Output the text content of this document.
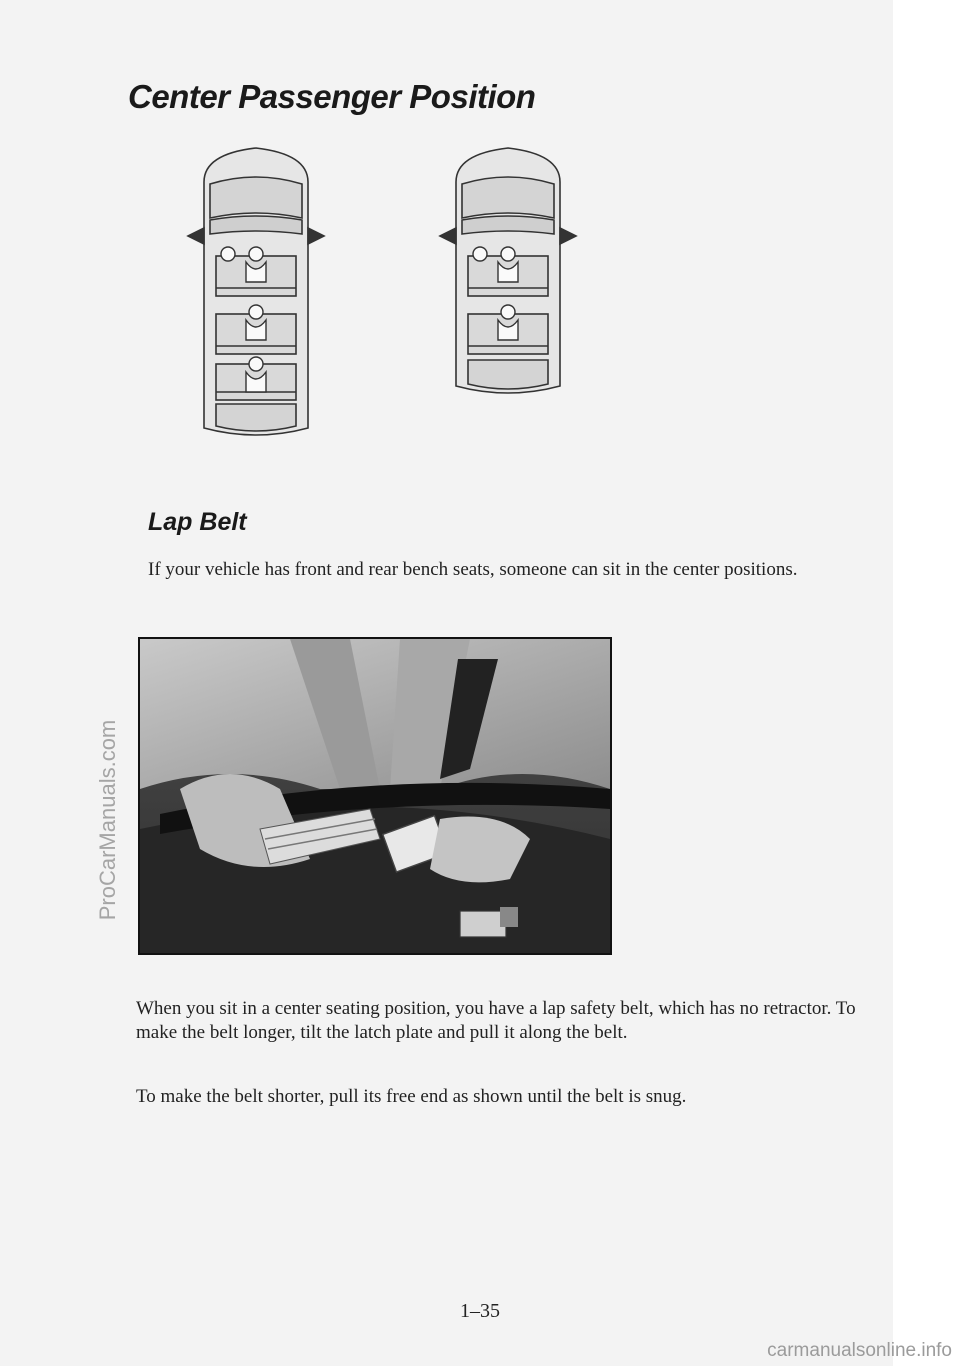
Center Passenger Position
Lap Belt

If your vehicle has front and rear bench seats, someone can sit in the center positions.

When you sit in a center seating position, you have a lap safety belt, which has no retractor. To make the belt longer, tilt the latch plate and pull it along the belt.

To make the belt shorter, pull its free end as shown until the belt is snug.

1–35

ProCarManuals.com
carmanualsonline.info
